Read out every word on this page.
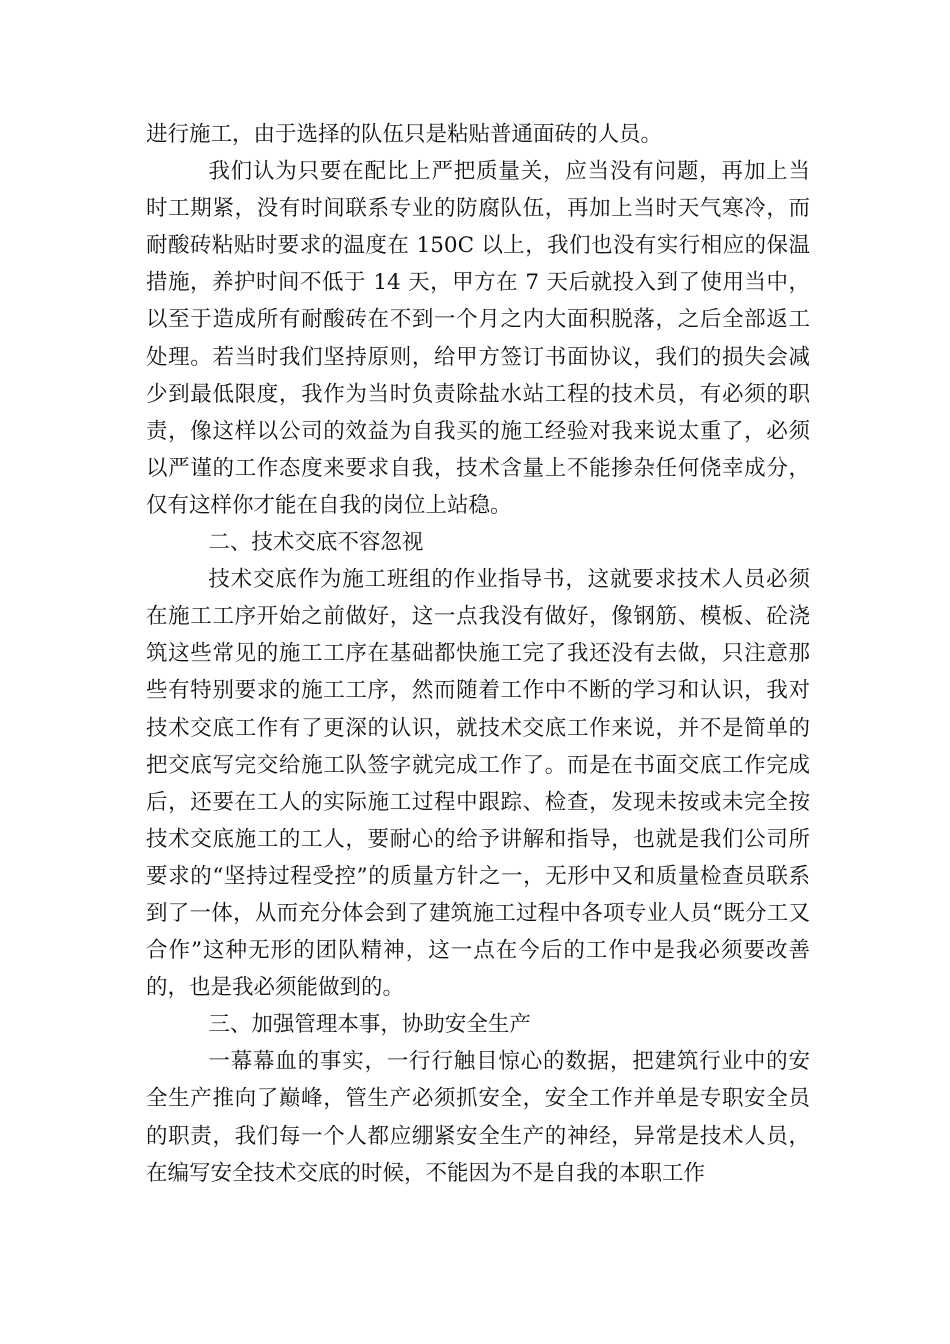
进行施工，由于选择的队伍只是粘贴普通面砖的人员。

我们认为只要在配比上严把质量关，应当没有问题，再加上当时工期紧，没有时间联系专业的防腐队伍，再加上当时天气寒冷，而耐酸砖粘贴时要求的温度在 150C 以上，我们也没有实行相应的保温措施，养护时间不低于 14 天，甲方在 7 天后就投入到了使用当中，以至于造成所有耐酸砖在不到一个月之内大面积脱落，之后全部返工处理。若当时我们坚持原则，给甲方签订书面协议，我们的损失会减少到最低限度，我作为当时负责除盐水站工程的技术员，有必须的职责，像这样以公司的效益为自我买的施工经验对我来说太重了，必须以严谨的工作态度来要求自我，技术含量上不能掺杂任何侥幸成分，仅有这样你才能在自我的岗位上站稳。

二、技术交底不容忽视

技术交底作为施工班组的作业指导书，这就要求技术人员必须在施工工序开始之前做好，这一点我没有做好，像钢筋、模板、砼浇筑这些常见的施工工序在基础都快施工完了我还没有去做，只注意那些有特别要求的施工工序，然而随着工作中不断的学习和认识，我对技术交底工作有了更深的认识，就技术交底工作来说，并不是简单的把交底写完交给施工队签字就完成工作了。而是在书面交底工作完成后，还要在工人的实际施工过程中跟踪、检查，发现未按或未完全按技术交底施工的工人，要耐心的给予讲解和指导，也就是我们公司所要求的“坚持过程受控”的质量方针之一，无形中又和质量检查员联系到了一体，从而充分体会到了建筑施工过程中各项专业人员“既分工又合作”这种无形的团队精神，这一点在今后的工作中是我必须要改善的，也是我必须能做到的。

三、加强管理本事，协助安全生产

一幕幕血的事实，一行行触目惊心的数据，把建筑行业中的安全生产推向了巅峰，管生产必须抓安全，安全工作并单是专职安全员的职责，我们每一个人都应绷紧安全生产的神经，异常是技术人员，在编写安全技术交底的时候，不能因为不是自我的本职工作
